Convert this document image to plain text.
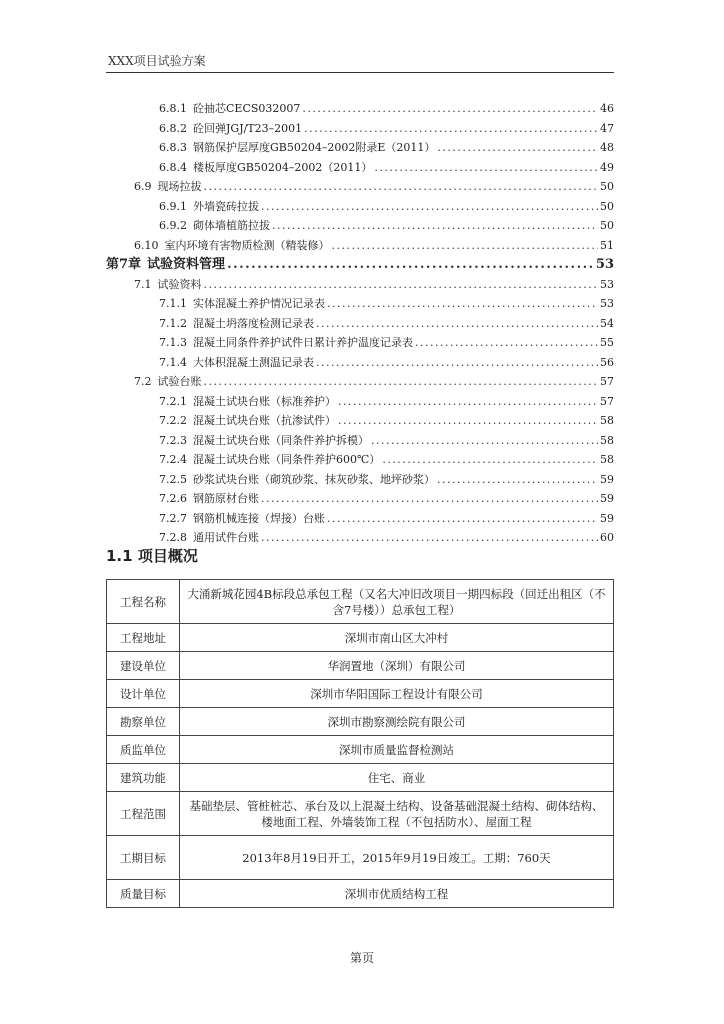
XXX项目试验方案
6.8.1 砼抽芯CECS032007 .....	46
6.8.2 砼回弹JGJ/T23–2001 .....	47
6.8.3 钢筋保护层厚度GB50204–2002附录E（2011） .....	48
6.8.4 楼板厚度GB50204–2002（2011） .....	49
6.9 现场拉拔 .....	50
6.9.1 外墙瓷砖拉拔 .....	50
6.9.2 砌体墙植筋拉拔 .....	50
6.10 室内环境有害物质检测（精装修） .....	51
第7章 试验资料管理 .....	53
7.1 试验资料 .....	53
7.1.1 实体混凝土养护情况记录表 .....	53
7.1.2 混凝土坍落度检测记录表 .....	54
7.1.3 混凝土同条件养护试件日累计养护温度记录表 .....	55
7.1.4 大体积混凝土测温记录表 .....	56
7.2 试验台账 .....	57
7.2.1 混凝土试块台账（标准养护） .....	57
7.2.2 混凝土试块台账（抗渗试件） .....	58
7.2.3 混凝土试块台账（同条件养护拆模） .....	58
7.2.4 混凝土试块台账（同条件养护600℃） .....	58
7.2.5 砂浆试块台账（砌筑砂浆、抹灰砂浆、地坪砂浆） .....	59
7.2.6 钢筋原材台账 .....	59
7.2.7 钢筋机械连接（焊接）台账 .....	59
7.2.8 通用试件台账 .....	60
1.1 项目概况
工程名称	大涌新城花园4B标段总承包工程（又名大冲旧改项目一期四标段（回迁出租区（不含7号楼））总承包工程）
工程地址	深圳市南山区大冲村
建设单位	华润置地（深圳）有限公司
设计单位	深圳市华阳国际工程设计有限公司
勘察单位	深圳市勘察测绘院有限公司
质监单位	深圳市质量监督检测站
建筑功能	住宅、商业
工程范围	基础垫层、管桩桩芯、承台及以上混凝土结构、设备基础混凝土结构、砌体结构、楼地面工程、外墙装饰工程（不包括防水）、屋面工程
工期目标	2013年8月19日开工，2015年9月19日竣工。工期：760天
质量目标	深圳市优质结构工程
第页
